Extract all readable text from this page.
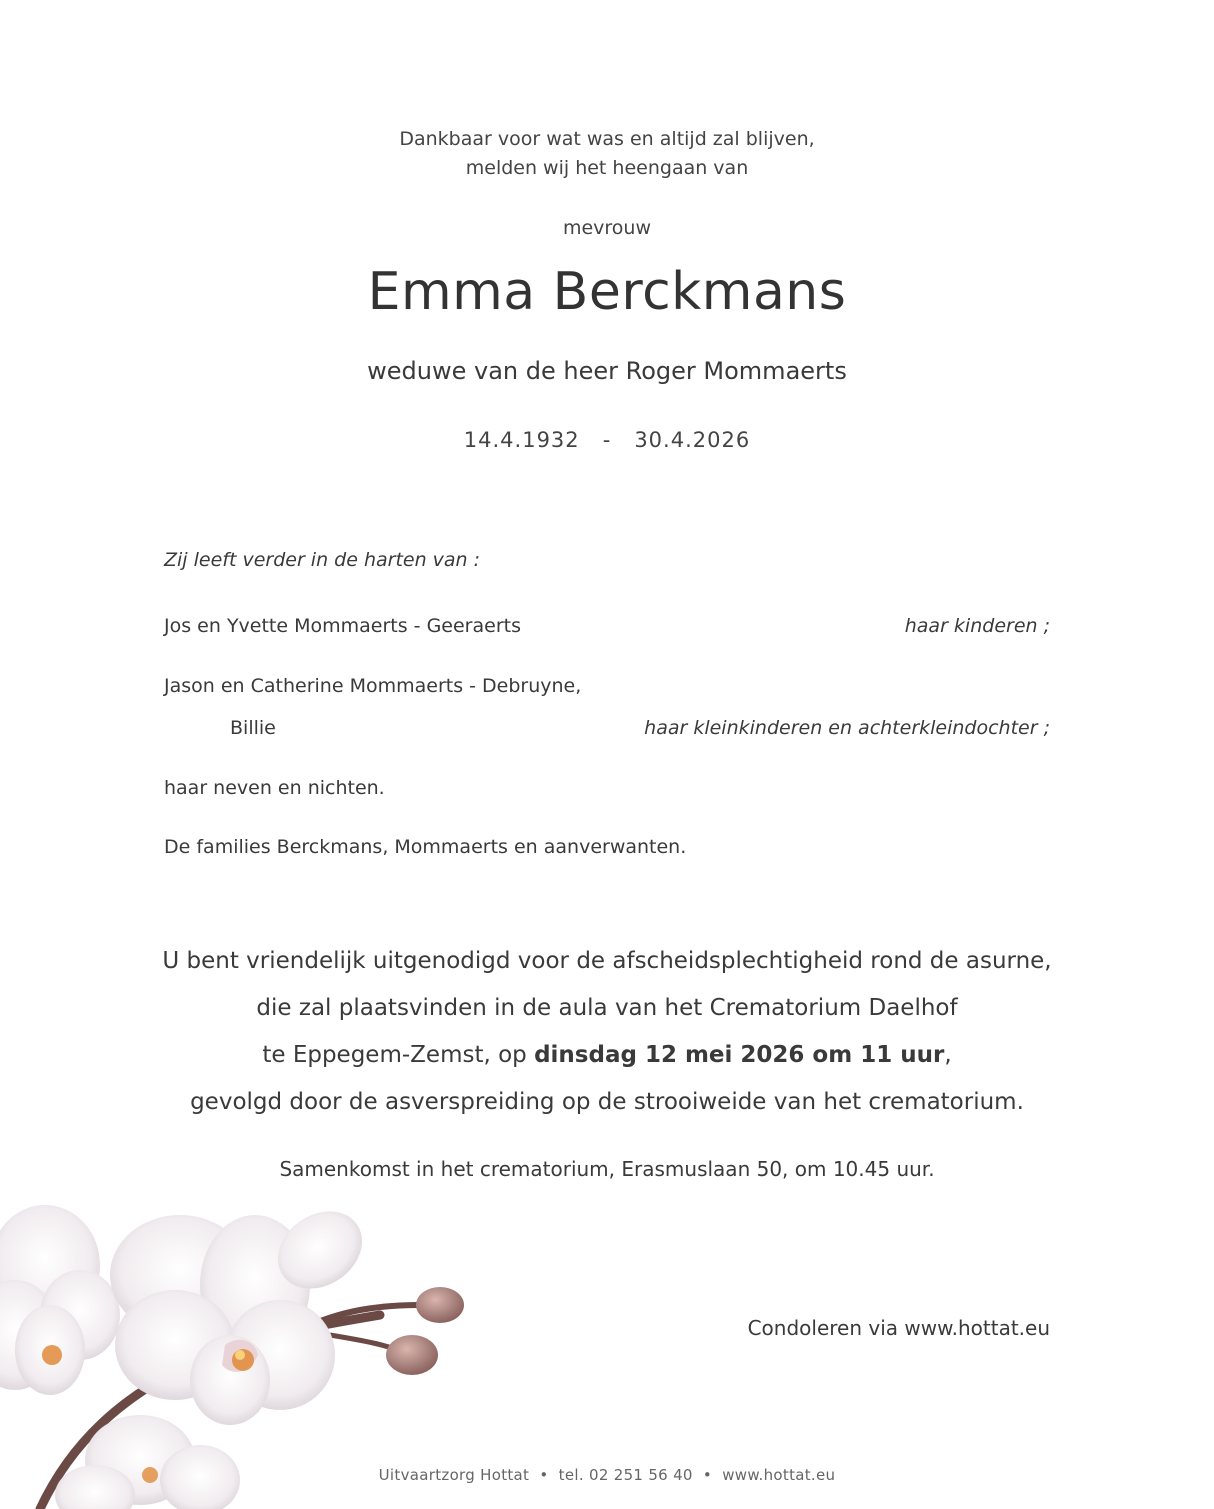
Dankbaar voor wat was en altijd zal blijven,
melden wij het heengaan van
mevrouw
Emma Berckmans
weduwe van de heer Roger Mommaerts
14.4.1932 - 30.4.2026
Zij leeft verder in de harten van :
Jos en Yvette Mommaerts - Geeraerts	haar kinderen ;
Jason en Catherine Mommaerts - Debruyne,
Billie	haar kleinkinderen en achterkleindochter ;
haar neven en nichten.
De families Berckmans, Mommaerts en aanverwanten.
U bent vriendelijk uitgenodigd voor de afscheidsplechtigheid rond de asurne,
die zal plaatsvinden in de aula van het Crematorium Daelhof
te Eppegem-Zemst, op dinsdag 12 mei 2026 om 11 uur,
gevolgd door de asverspreiding op de strooiweide van het crematorium.
Samenkomst in het crematorium, Erasmuslaan 50, om 10.45 uur.
Condoleren via www.hottat.eu
Uitvaartzorg Hottat • tel. 02 251 56 40 • www.hottat.eu
